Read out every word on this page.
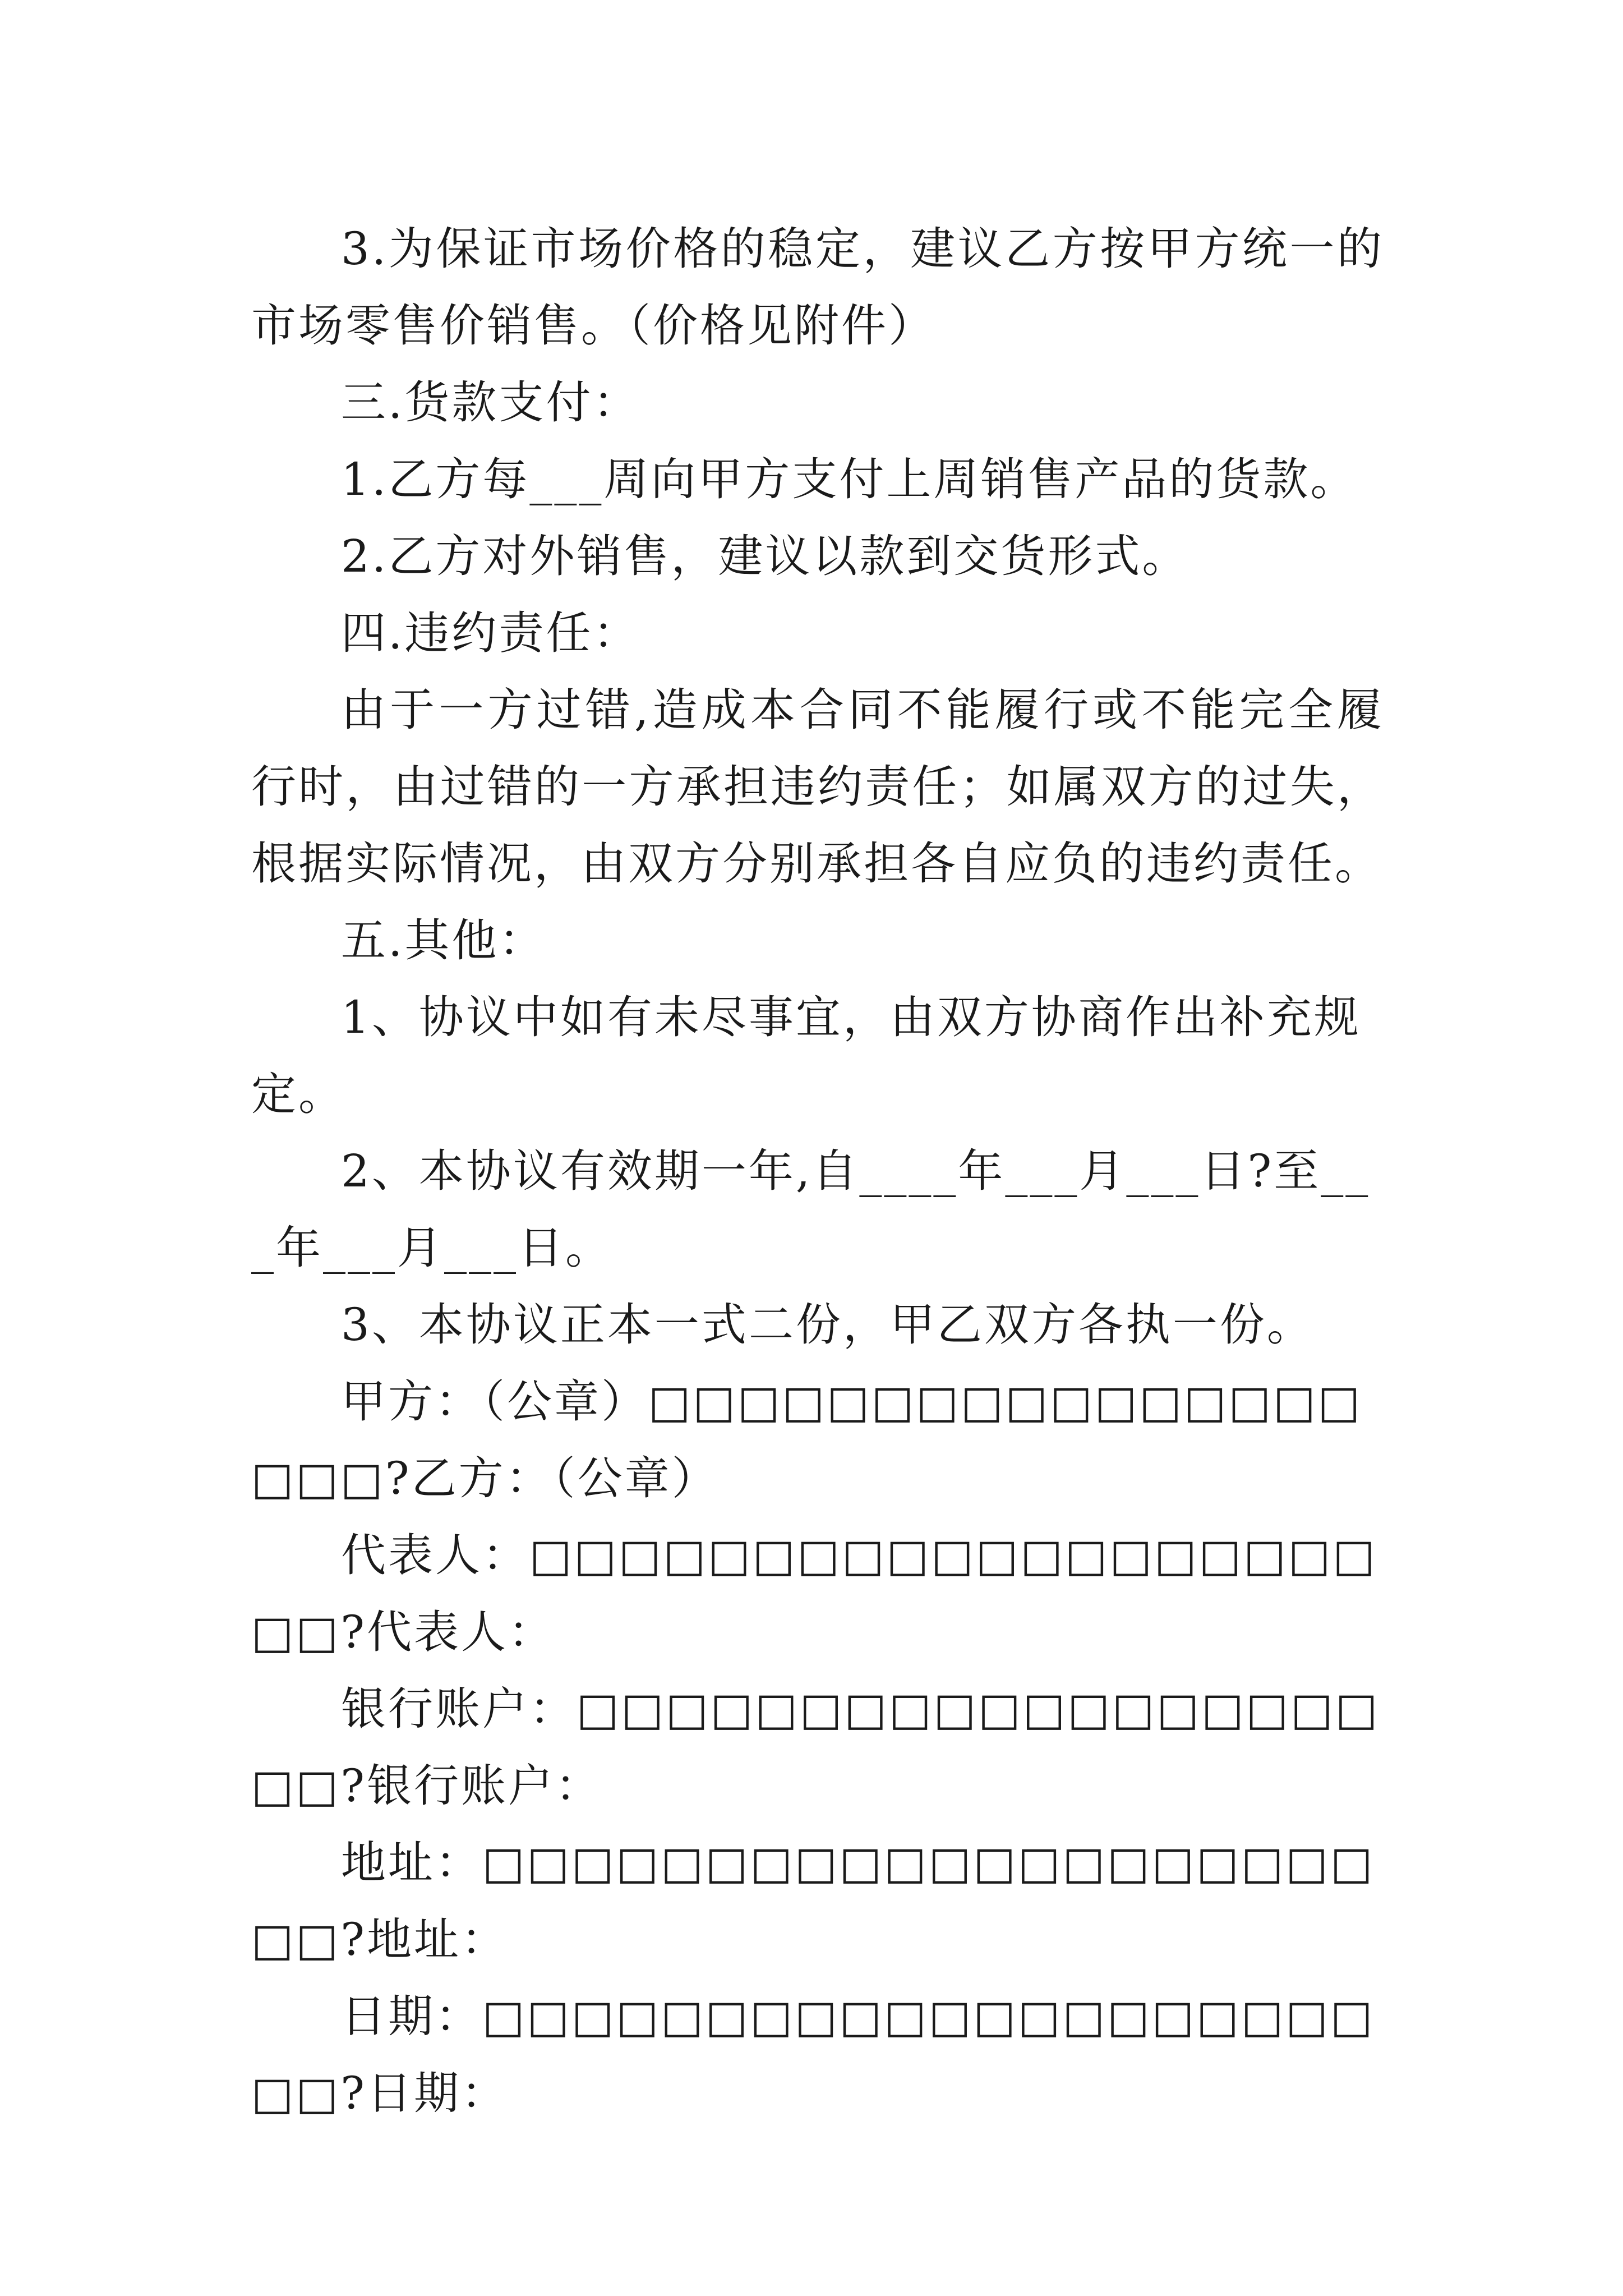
3.为保证市场价格的稳定，建议乙方按甲方统一的市场零售价销售。（价格见附件）

三.货款支付：

1.乙方每___周向甲方支付上周销售产品的货款。

2.乙方对外销售，建议以款到交货形式。

四.违约责任：

由于一方过错,造成本合同不能履行或不能完全履行时，由过错的一方承担违约责任；如属双方的过失，根据实际情况，由双方分别承担各自应负的违约责任。

五.其他：

1、协议中如有未尽事宜，由双方协商作出补充规定。

2、本协议有效期一年,自____年___月___日?至___年___月___日。

3、本协议正本一式二份，甲乙双方各执一份。

甲方：（公章）□□□□□□□□□□□□□□□□□□□?乙方：（公章）

代表人：□□□□□□□□□□□□□□□□□□□□□?代表人：

银行账户：□□□□□□□□□□□□□□□□□□□□?银行账户：

地址：□□□□□□□□□□□□□□□□□□□□□□?地址：

日期：□□□□□□□□□□□□□□□□□□□□□□?日期：
